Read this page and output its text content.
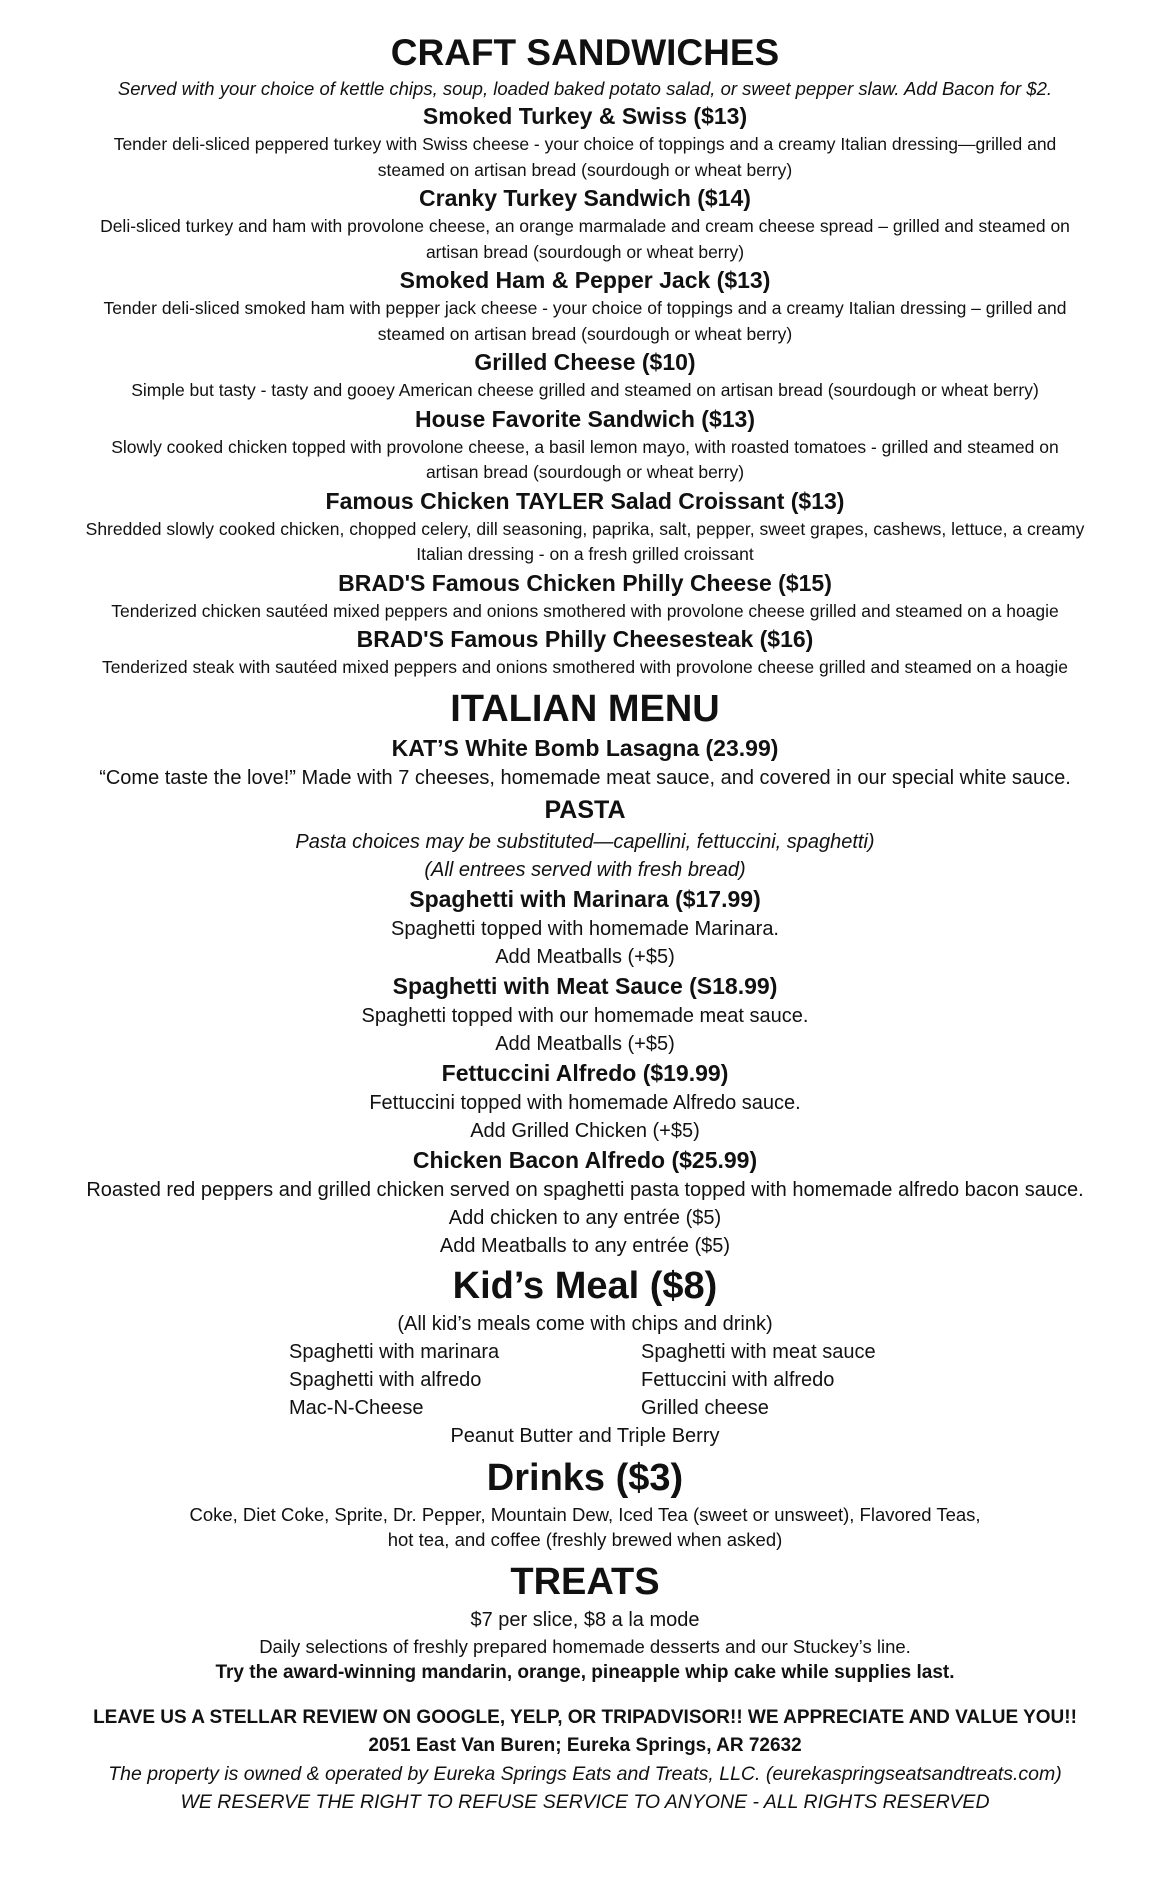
CRAFT SANDWICHES
Served with your choice of kettle chips, soup, loaded baked potato salad, or sweet pepper slaw. Add Bacon for $2.
Smoked Turkey & Swiss ($13)
Tender deli-sliced peppered turkey with Swiss cheese - your choice of toppings and a creamy Italian dressing—grilled and
steamed on artisan bread (sourdough or wheat berry)
Cranky Turkey Sandwich ($14)
Deli-sliced turkey and ham with provolone cheese, an orange marmalade and cream cheese spread – grilled and steamed on
artisan bread (sourdough or wheat berry)
Smoked Ham & Pepper Jack ($13)
Tender deli-sliced smoked ham with pepper jack cheese - your choice of toppings and a creamy Italian dressing – grilled and
steamed on artisan bread (sourdough or wheat berry)
Grilled Cheese ($10)
Simple but tasty - tasty and gooey American cheese grilled and steamed on artisan bread (sourdough or wheat berry)
House Favorite Sandwich ($13)
Slowly cooked chicken topped with provolone cheese, a basil lemon mayo, with roasted tomatoes - grilled and steamed on
artisan bread (sourdough or wheat berry)
Famous Chicken TAYLER Salad Croissant ($13)
Shredded slowly cooked chicken, chopped celery, dill seasoning, paprika, salt, pepper, sweet grapes, cashews, lettuce, a creamy
Italian dressing - on a fresh grilled croissant
BRAD'S Famous Chicken Philly Cheese ($15)
Tenderized chicken sautéed mixed peppers and onions smothered with provolone cheese grilled and steamed on a hoagie
BRAD'S Famous Philly Cheesesteak ($16)
Tenderized steak with sautéed mixed peppers and onions smothered with provolone cheese grilled and steamed on a hoagie
ITALIAN MENU
KAT’S White Bomb Lasagna (23.99)
“Come taste the love!” Made with 7 cheeses, homemade meat sauce, and covered in our special white sauce.
PASTA
Pasta choices may be substituted—capellini, fettuccini, spaghetti)
(All entrees served with fresh bread)
Spaghetti with Marinara ($17.99)
Spaghetti topped with homemade Marinara.
Add Meatballs (+$5)
Spaghetti with Meat Sauce (S18.99)
Spaghetti topped with our homemade meat sauce.
Add Meatballs (+$5)
Fettuccini Alfredo ($19.99)
Fettuccini topped with homemade Alfredo sauce.
Add Grilled Chicken (+$5)
Chicken Bacon Alfredo ($25.99)
Roasted red peppers and grilled chicken served on spaghetti pasta topped with homemade alfredo bacon sauce.
Add chicken to any entrée ($5)
Add Meatballs to any entrée ($5)
Kid’s Meal ($8)
(All kid’s meals come with chips and drink)
Spaghetti with marinara	Spaghetti with meat sauce
Spaghetti with alfredo	Fettuccini with alfredo
Mac-N-Cheese	Grilled cheese
Peanut Butter and Triple Berry
Drinks ($3)
Coke, Diet Coke, Sprite, Dr. Pepper, Mountain Dew, Iced Tea (sweet or unsweet), Flavored Teas,
hot tea, and coffee (freshly brewed when asked)
TREATS
$7 per slice, $8 a la mode
Daily selections of freshly prepared homemade desserts and our Stuckey’s line.
Try the award-winning mandarin, orange, pineapple whip cake while supplies last.
LEAVE US A STELLAR REVIEW ON GOOGLE, YELP, OR TRIPADVISOR!! WE APPRECIATE AND VALUE YOU!!
2051 East Van Buren; Eureka Springs, AR 72632
The property is owned & operated by Eureka Springs Eats and Treats, LLC. (eurekaspringseatsandtreats.com)
WE RESERVE THE RIGHT TO REFUSE SERVICE TO ANYONE - ALL RIGHTS RESERVED
